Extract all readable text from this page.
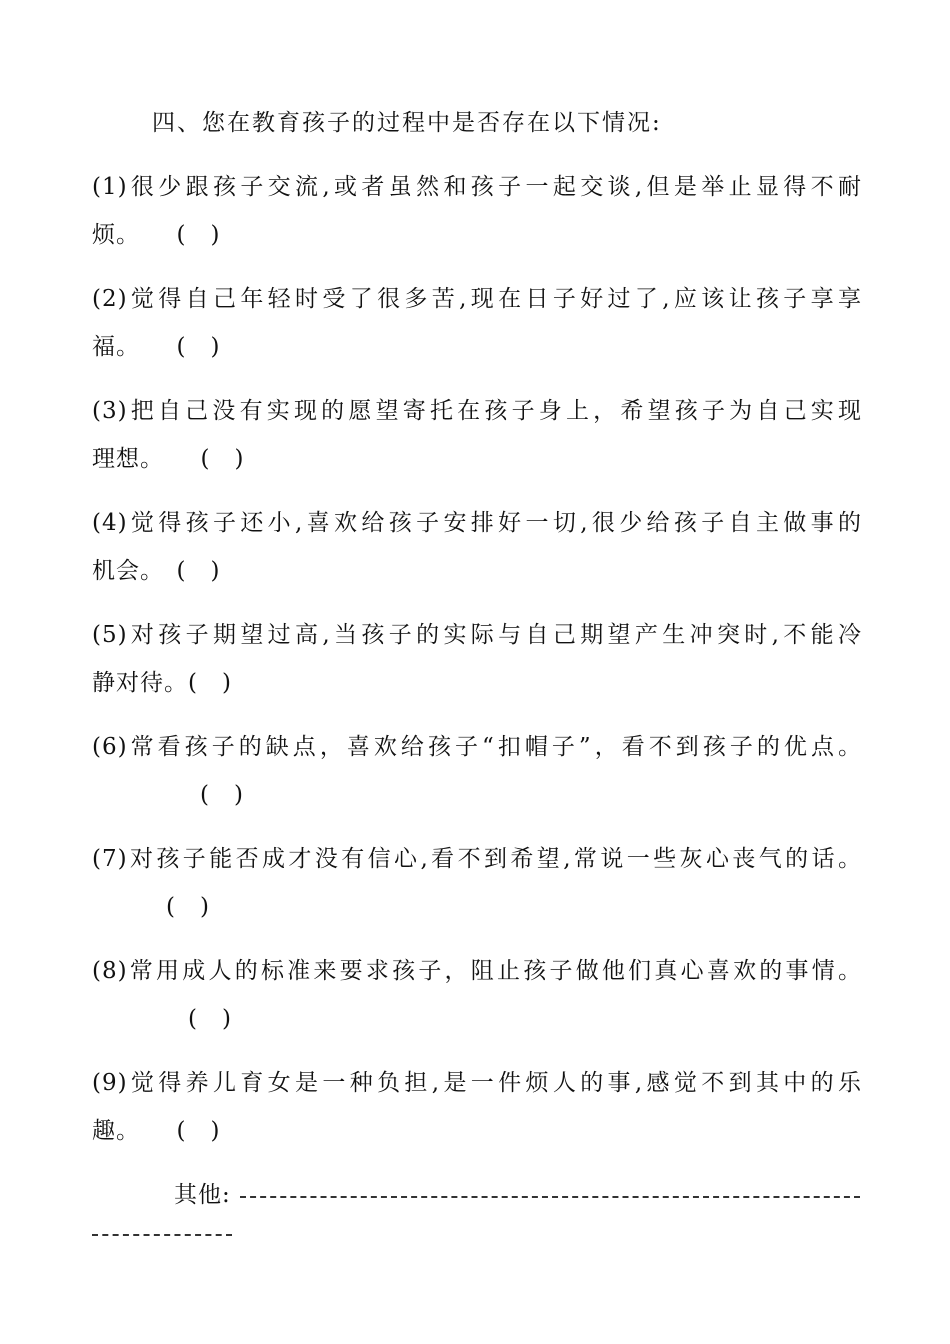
四、您在教育孩子的过程中是否存在以下情况:
(1)很少跟孩子交流,或者虽然和孩子一起交谈,但是举止显得不耐
烦。　　(　)
(2)觉得自己年轻时受了很多苦,现在日子好过了,应该让孩子享享
福。　　(　)
(3)把自己没有实现的愿望寄托在孩子身上，希望孩子为自己实现
理想。　　(　)
(4)觉得孩子还小,喜欢给孩子安排好一切,很少给孩子自主做事的
机会。　(　)
(5)对孩子期望过高,当孩子的实际与自己期望产生冲突时,不能冷
静对待。(　)
(6)常看孩子的缺点，喜欢给孩子“扣帽子”，看不到孩子的优点。
(　)
(7)对孩子能否成才没有信心,看不到希望,常说一些灰心丧气的话。
(　)
(8)常用成人的标准来要求孩子，阻止孩子做他们真心喜欢的事情。
(　)
(9)觉得养儿育女是一种负担,是一件烦人的事,感觉不到其中的乐
趣。　　(　)
其他:
